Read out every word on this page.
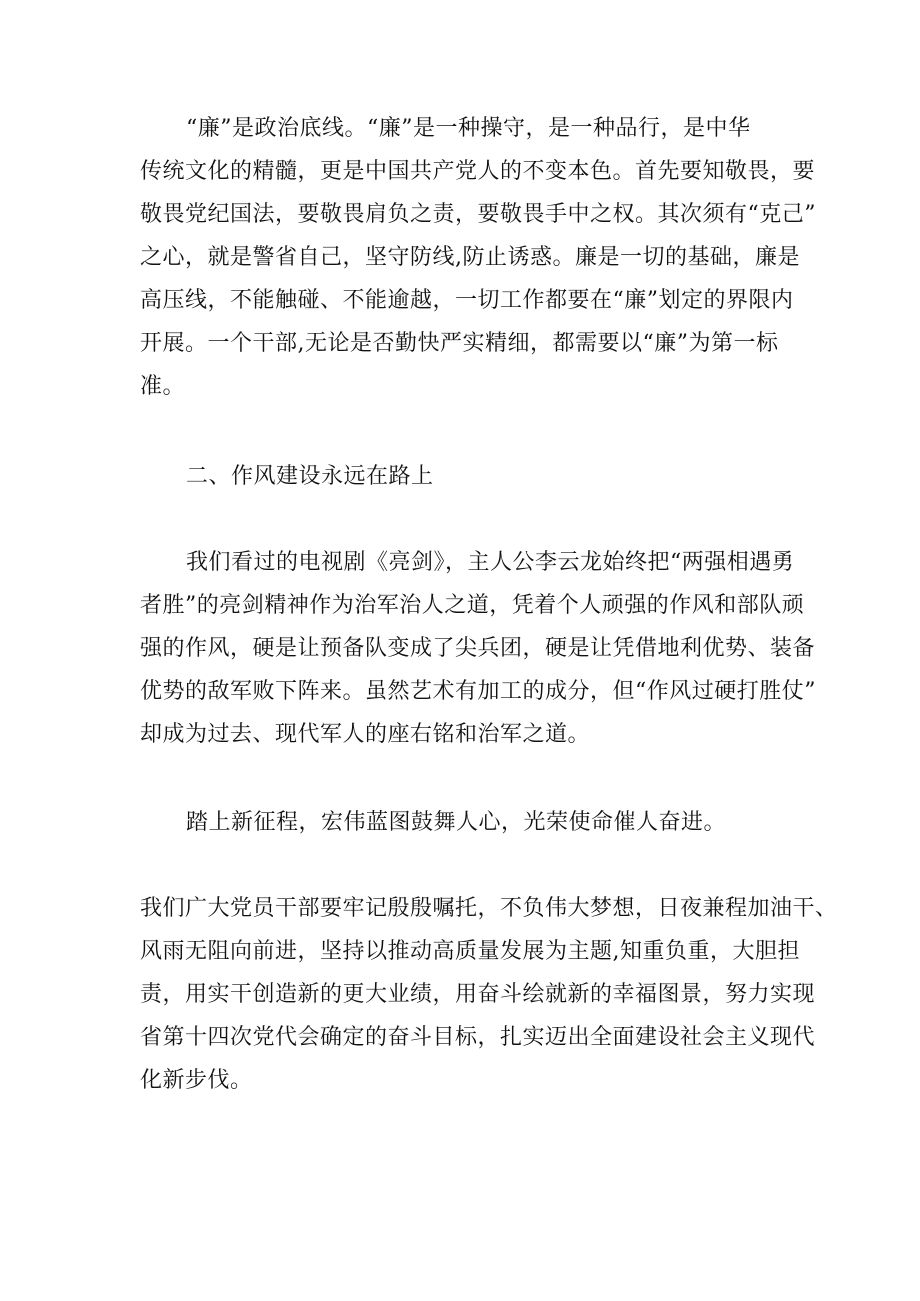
“廉”是政治底线。“廉”是一种操守，是一种品行，是中华
传统文化的精髓，更是中国共产党人的不变本色。首先要知敬畏，要
敬畏党纪国法，要敬畏肩负之责，要敬畏手中之权。其次须有“克己”
之心，就是警省自己，坚守防线,防止诱惑。廉是一切的基础，廉是
高压线，不能触碰、不能逾越，一切工作都要在“廉”划定的界限内
开展。一个干部,无论是否勤快严实精细，都需要以“廉”为第一标
准。
二、作风建设永远在路上
我们看过的电视剧《亮剑》，主人公李云龙始终把“两强相遇勇
者胜”的亮剑精神作为治军治人之道，凭着个人顽强的作风和部队顽
强的作风，硬是让预备队变成了尖兵团，硬是让凭借地利优势、装备
优势的敌军败下阵来。虽然艺术有加工的成分，但“作风过硬打胜仗”
却成为过去、现代军人的座右铭和治军之道。
踏上新征程，宏伟蓝图鼓舞人心，光荣使命催人奋进。
我们广大党员干部要牢记殷殷嘱托，不负伟大梦想，日夜兼程加油干、
风雨无阻向前进，坚持以推动高质量发展为主题,知重负重，大胆担
责，用实干创造新的更大业绩，用奋斗绘就新的幸福图景，努力实现
省第十四次党代会确定的奋斗目标，扎实迈出全面建设社会主义现代
化新步伐。
